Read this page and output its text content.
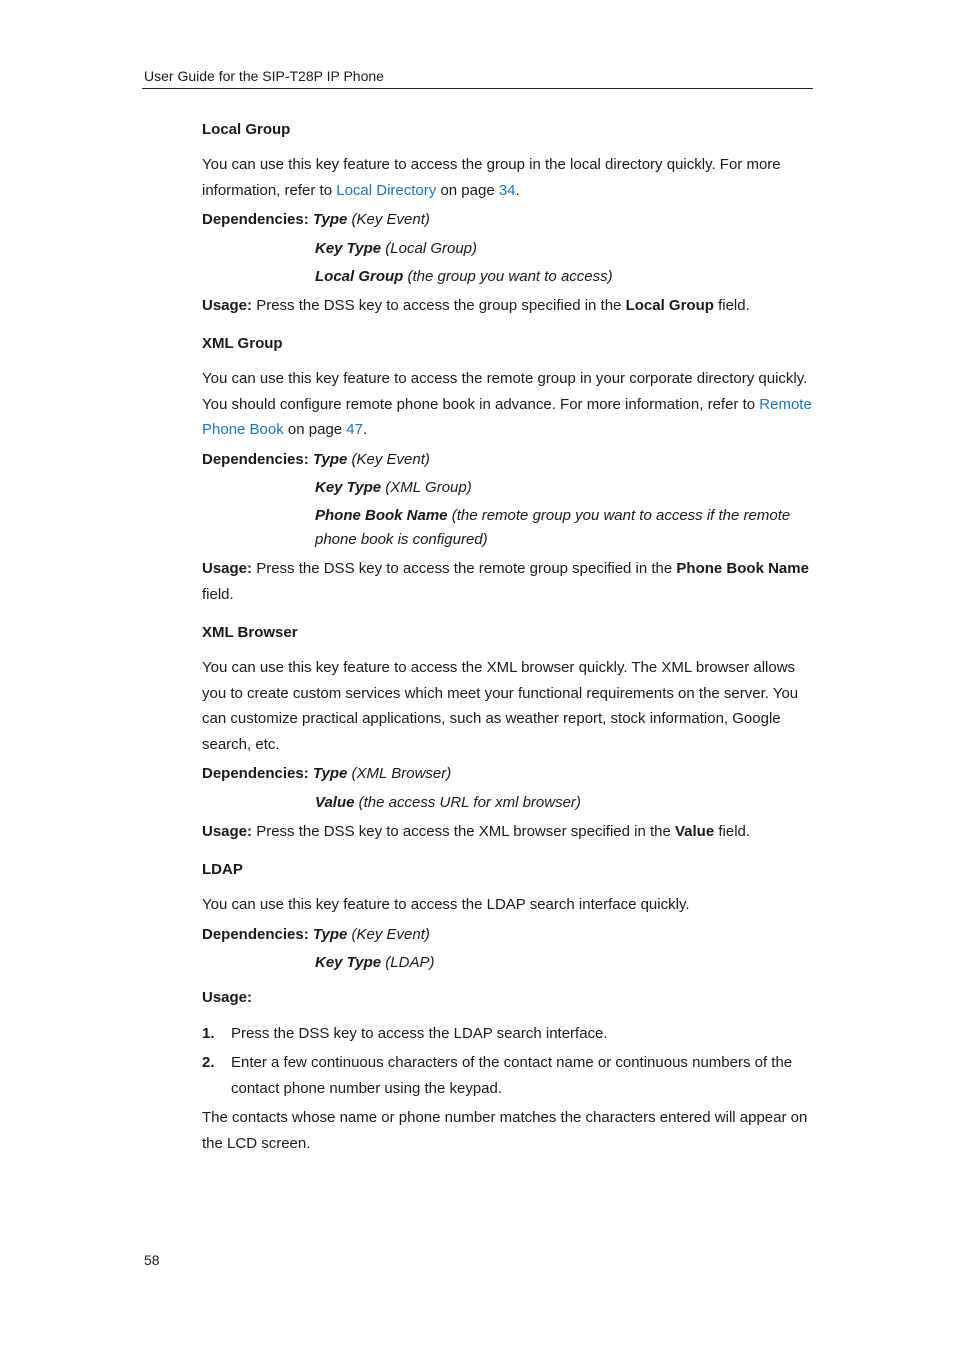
User Guide for the SIP-T28P IP Phone
Local Group

You can use this key feature to access the group in the local directory quickly. For more information, refer to Local Directory on page 34.

Dependencies: Type (Key Event)
Key Type (Local Group)
Local Group (the group you want to access)

Usage: Press the DSS key to access the group specified in the Local Group field.

XML Group

You can use this key feature to access the remote group in your corporate directory quickly. You should configure remote phone book in advance. For more information, refer to Remote Phone Book on page 47.

Dependencies: Type (Key Event)
Key Type (XML Group)
Phone Book Name (the remote group you want to access if the remote phone book is configured)

Usage: Press the DSS key to access the remote group specified in the Phone Book Name field.

XML Browser

You can use this key feature to access the XML browser quickly. The XML browser allows you to create custom services which meet your functional requirements on the server. You can customize practical applications, such as weather report, stock information, Google search, etc.

Dependencies: Type (XML Browser)
Value (the access URL for xml browser)

Usage: Press the DSS key to access the XML browser specified in the Value field.

LDAP

You can use this key feature to access the LDAP search interface quickly.

Dependencies: Type (Key Event)
Key Type (LDAP)

Usage:

1. Press the DSS key to access the LDAP search interface.
2. Enter a few continuous characters of the contact name or continuous numbers of the contact phone number using the keypad.

The contacts whose name or phone number matches the characters entered will appear on the LCD screen.

58
